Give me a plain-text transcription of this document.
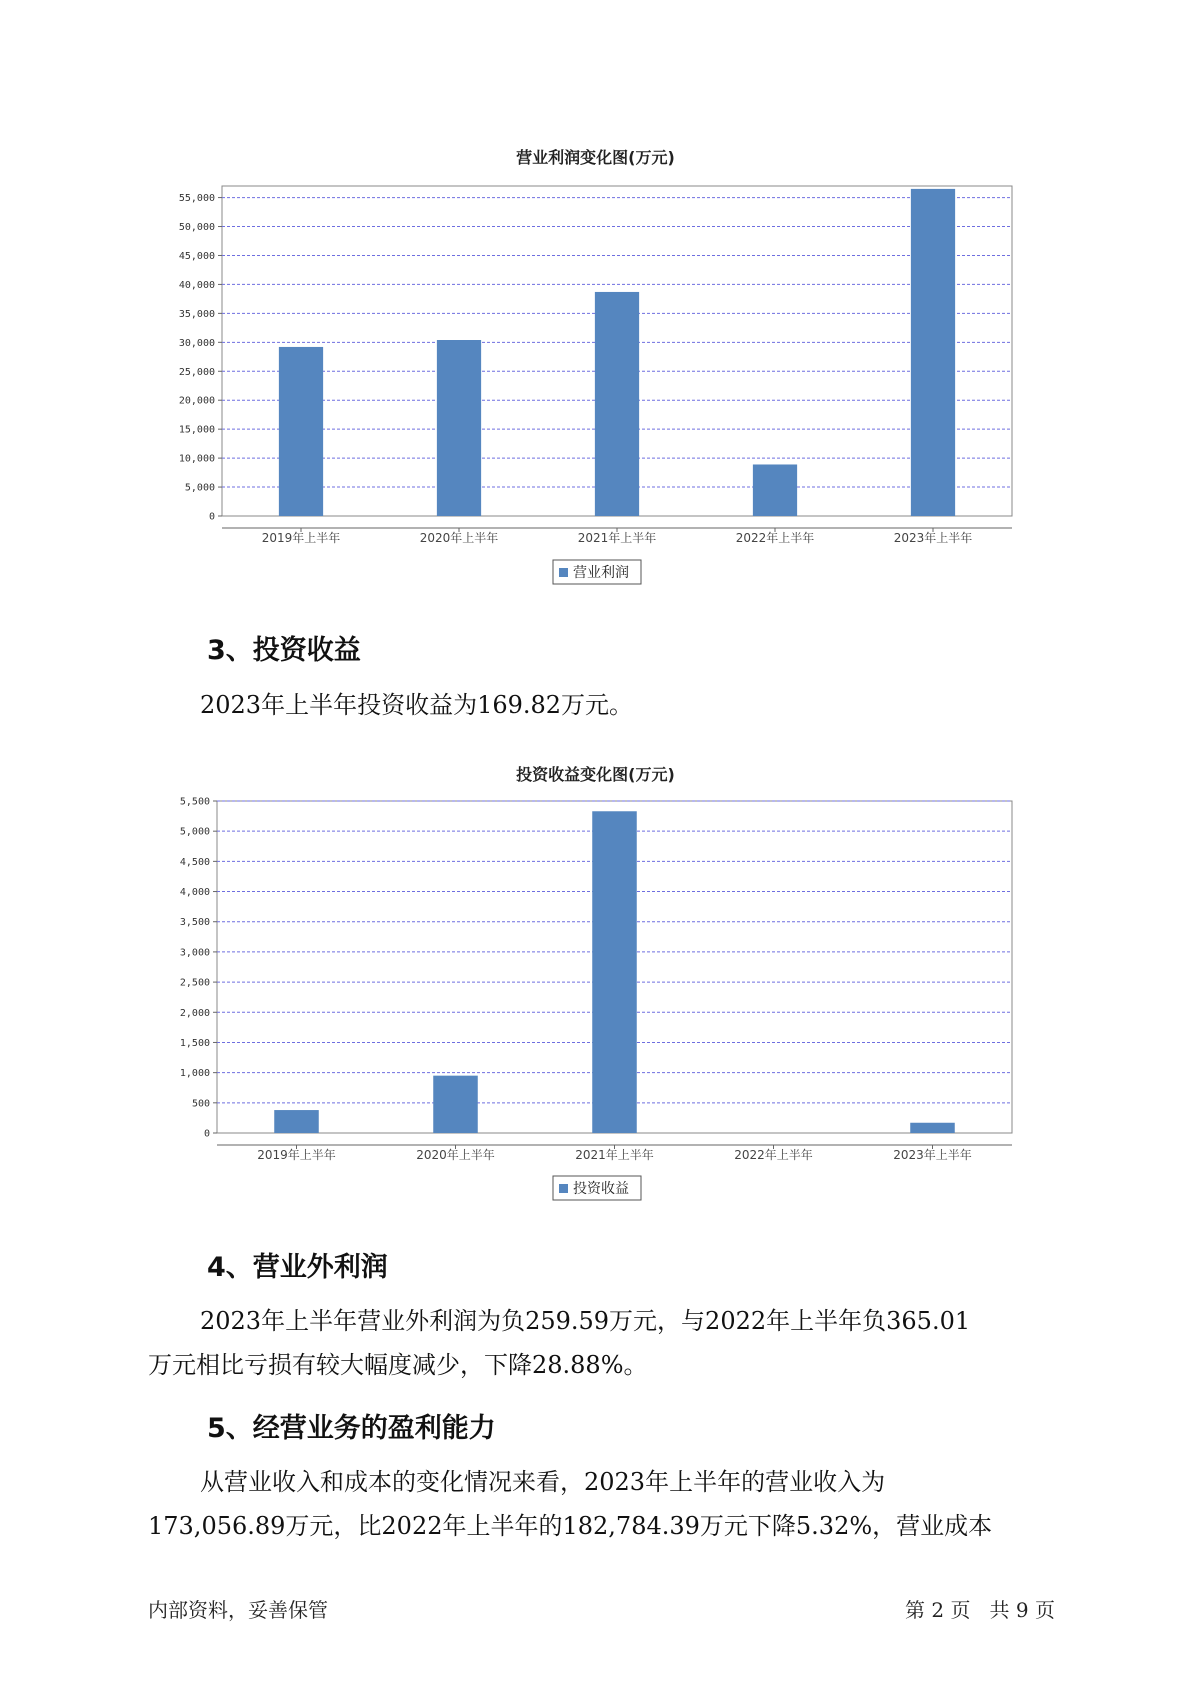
营业利润变化图(万元)
0
5,000
10,000
15,000
20,000
25,000
30,000
35,000
40,000
45,000
50,000
55,000
2019年上半年	2020年上半年	2021年上半年	2022年上半年	2023年上半年
营业利润
3、投资收益

2023年上半年投资收益为169.82万元。

投资收益变化图(万元)
0
500
1,000
1,500
2,000
2,500
3,000
3,500
4,000
4,500
5,000
5,500
2019年上半年	2020年上半年	2021年上半年	2022年上半年	2023年上半年
投资收益
4、营业外利润

2023年上半年营业外利润为负259.59万元，与2022年上半年负365.01
万元相比亏损有较大幅度减少，下降28.88%。

5、经营业务的盈利能力

从营业收入和成本的变化情况来看，2023年上半年的营业收入为
173,056.89万元，比2022年上半年的182,784.39万元下降5.32%，营业成本

内部资料，妥善保管	第 2 页   共 9 页
